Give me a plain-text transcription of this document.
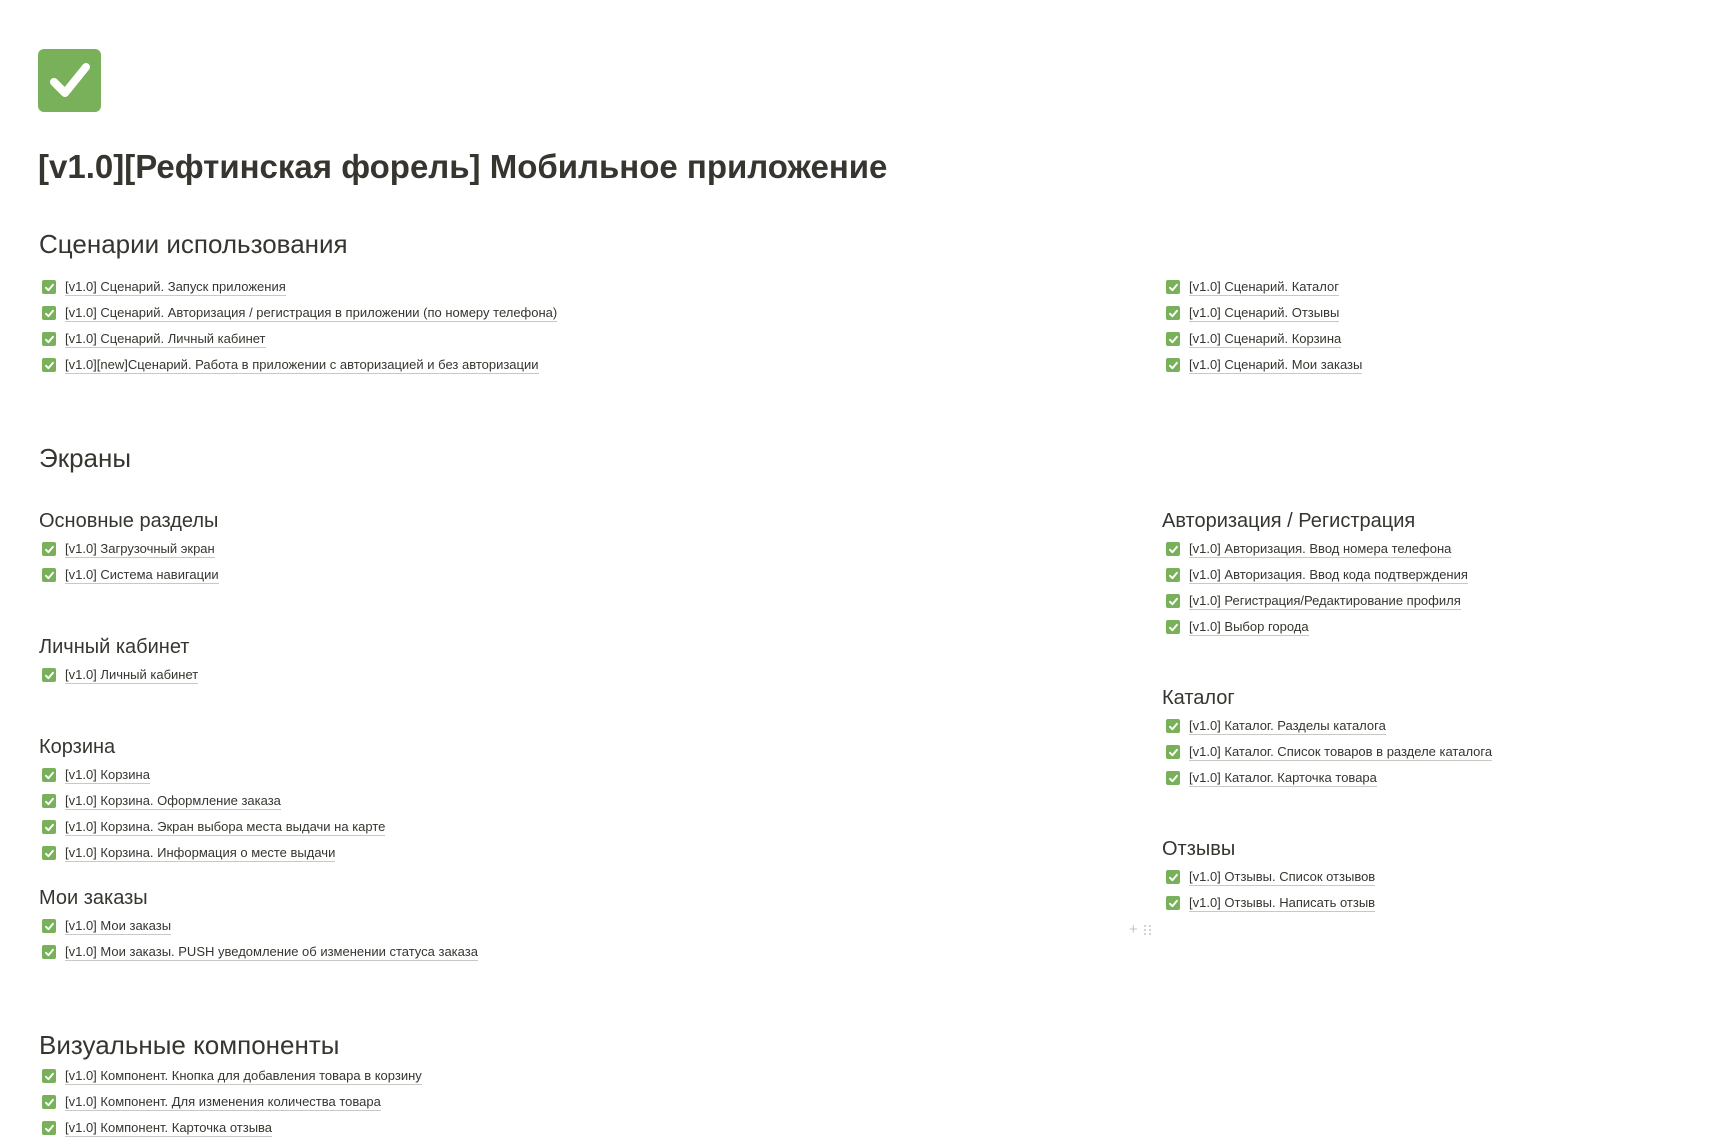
[v1.0][Рефтинская форель] Мобильное приложение
Сценарии использования
[v1.0] Сценарий. Запуск приложения
[v1.0] Сценарий. Авторизация / регистрация в приложении (по номеру телефона)
[v1.0] Сценарий. Личный кабинет
[v1.0][new]Сценарий. Работа в приложении с авторизацией и без авторизации
[v1.0] Сценарий. Каталог
[v1.0] Сценарий. Отзывы
[v1.0] Сценарий. Корзина
[v1.0] Сценарий. Мои заказы
Экраны
Основные разделы
[v1.0] Загрузочный экран
[v1.0] Система навигации
Личный кабинет
[v1.0] Личный кабинет
Корзина
[v1.0] Корзина
[v1.0] Корзина. Оформление заказа
[v1.0] Корзина. Экран выбора места выдачи на карте
[v1.0] Корзина. Информация о месте выдачи
Мои заказы
[v1.0] Мои заказы
[v1.0] Мои заказы. PUSH уведомление об изменении статуса заказа
Авторизация / Регистрация
[v1.0] Авторизация. Ввод номера телефона
[v1.0] Авторизация. Ввод кода подтверждения
[v1.0] Регистрация/Редактирование профиля
[v1.0] Выбор города
Каталог
[v1.0] Каталог. Разделы каталога
[v1.0] Каталог. Список товаров в разделе каталога
[v1.0] Каталог. Карточка товара
Отзывы
[v1.0] Отзывы. Список отзывов
[v1.0] Отзывы. Написать отзыв
+
Визуальные компоненты
[v1.0] Компонент. Кнопка для добавления товара в корзину
[v1.0] Компонент. Для изменения количества товара
[v1.0] Компонент. Карточка отзыва
